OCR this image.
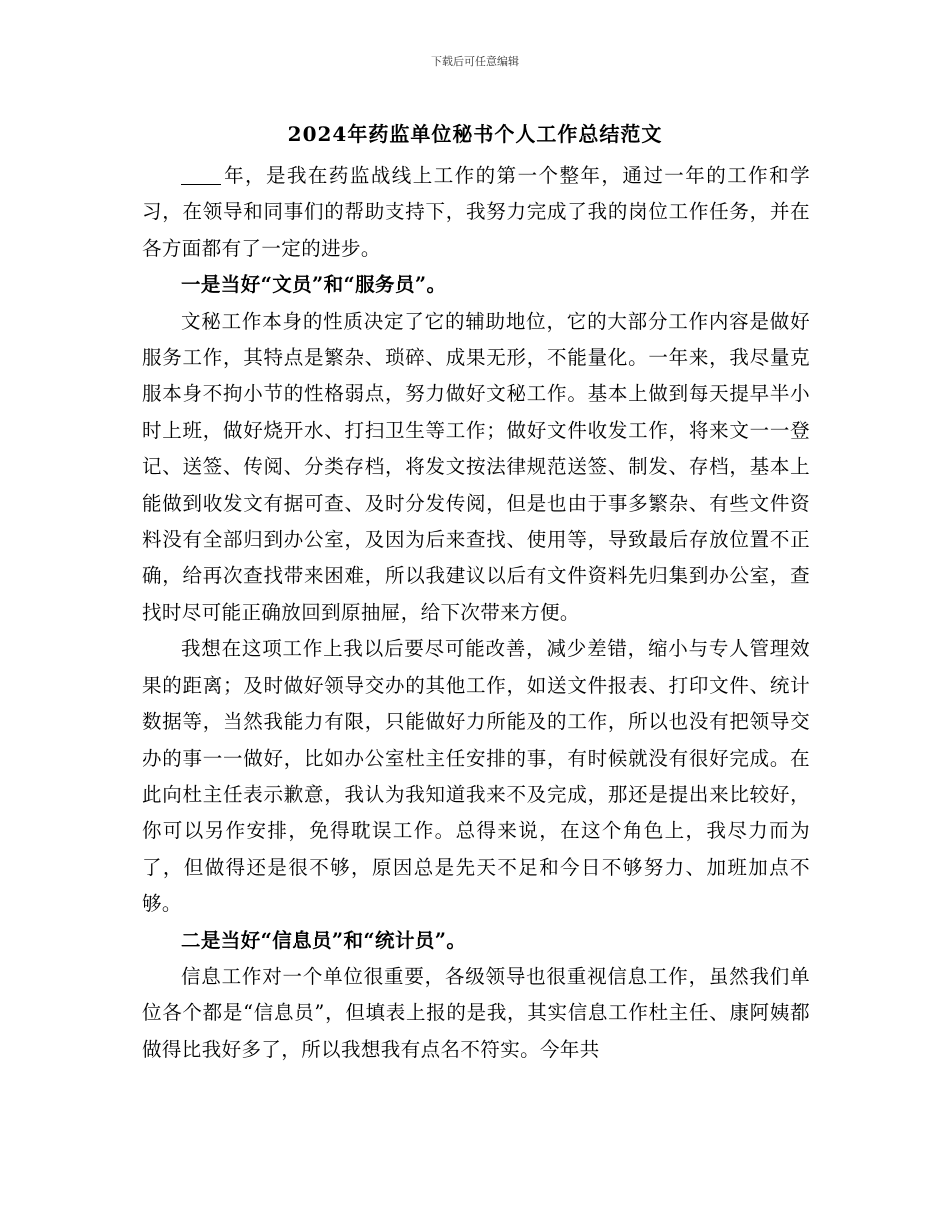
下载后可任意编辑
2024年药监单位秘书个人工作总结范文

年，是我在药监战线上工作的第一个整年，通过一年的工作和学习，在领导和同事们的帮助支持下，我努力完成了我的岗位工作任务，并在各方面都有了一定的进步。

一是当好“文员”和“服务员”。

文秘工作本身的性质决定了它的辅助地位，它的大部分工作内容是做好服务工作，其特点是繁杂、琐碎、成果无形，不能量化。一年来，我尽量克服本身不拘小节的性格弱点，努力做好文秘工作。基本上做到每天提早半小时上班，做好烧开水、打扫卫生等工作；做好文件收发工作，将来文一一登记、送签、传阅、分类存档，将发文按法律规范送签、制发、存档，基本上能做到收发文有据可查、及时分发传阅，但是也由于事多繁杂、有些文件资料没有全部归到办公室，及因为后来查找、使用等，导致最后存放位置不正确，给再次查找带来困难，所以我建议以后有文件资料先归集到办公室，查找时尽可能正确放回到原抽屉，给下次带来方便。

我想在这项工作上我以后要尽可能改善，减少差错，缩小与专人管理效果的距离；及时做好领导交办的其他工作，如送文件报表、打印文件、统计数据等，当然我能力有限，只能做好力所能及的工作，所以也没有把领导交办的事一一做好，比如办公室杜主任安排的事，有时候就没有很好完成。在此向杜主任表示歉意，我认为我知道我来不及完成，那还是提出来比较好，你可以另作安排，免得耽误工作。总得来说，在这个角色上，我尽力而为了，但做得还是很不够，原因总是先天不足和今日不够努力、加班加点不够。

二是当好“信息员”和“统计员”。

信息工作对一个单位很重要，各级领导也很重视信息工作，虽然我们单位各个都是“信息员”，但填表上报的是我，其实信息工作杜主任、康阿姨都做得比我好多了，所以我想我有点名不符实。今年共
